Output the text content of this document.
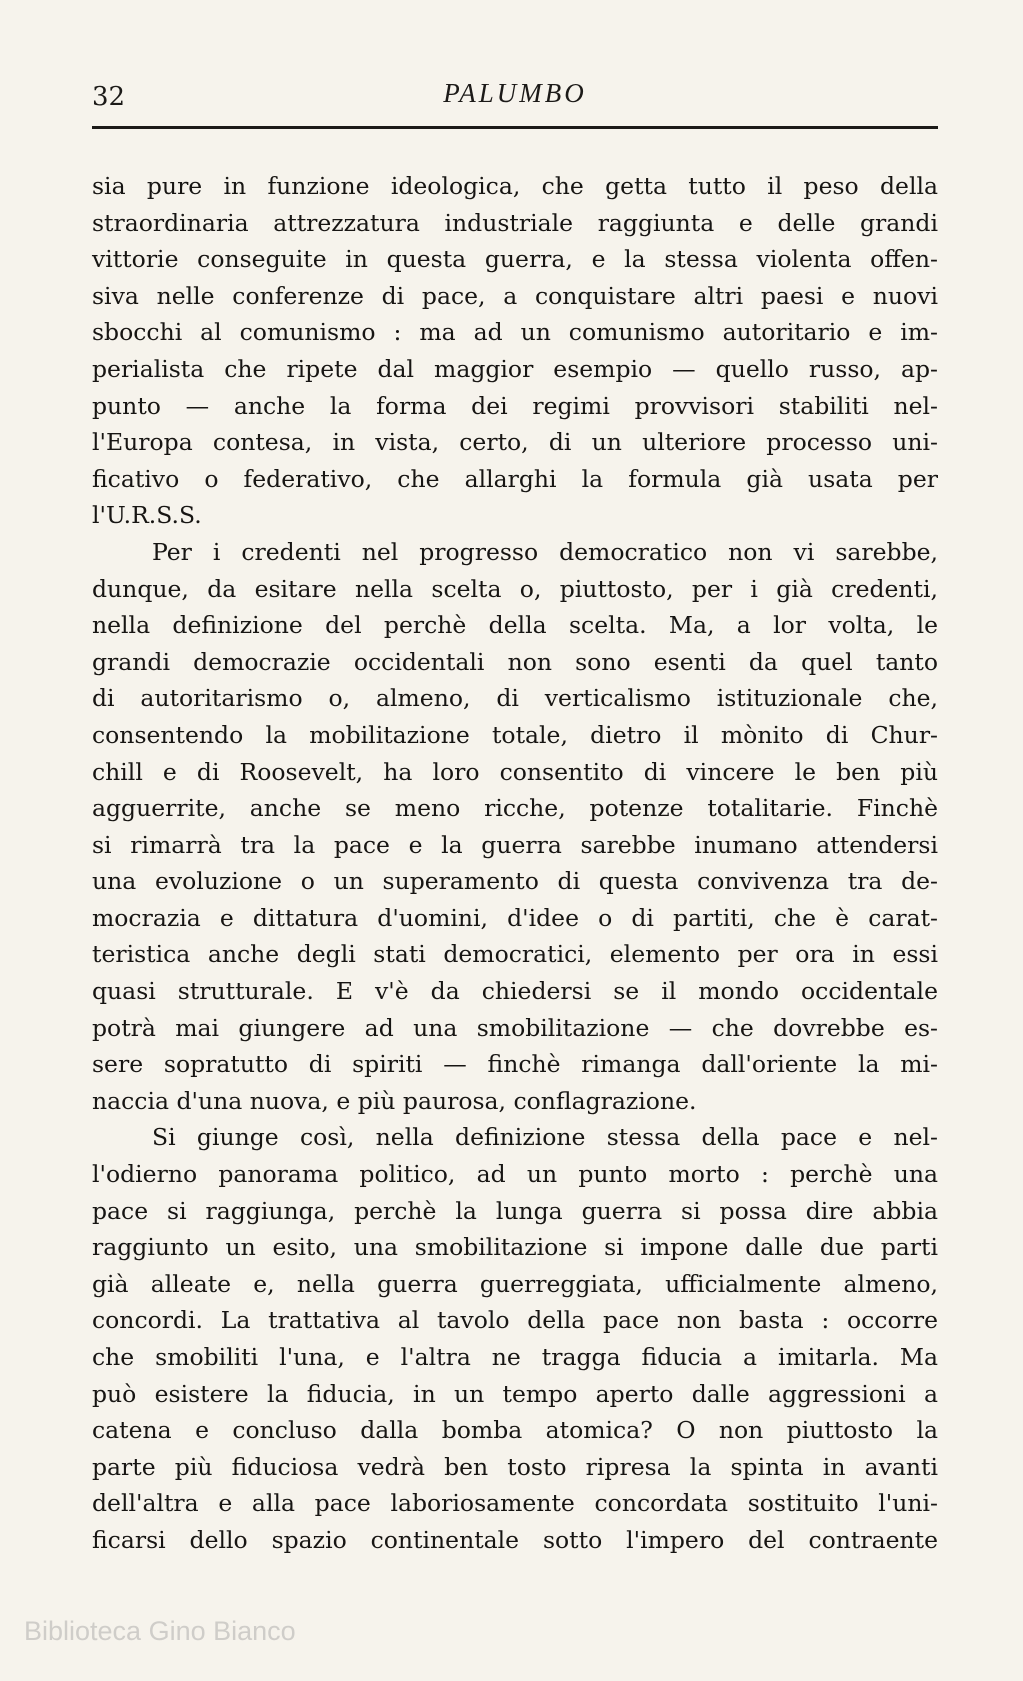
32	PALUMBO
sia pure in funzione ideologica, che getta tutto il peso della
straordinaria attrezzatura industriale raggiunta e delle grandi
vittorie conseguite in questa guerra, e la stessa violenta offen-
siva nelle conferenze di pace, a conquistare altri paesi e nuovi
sbocchi al comunismo : ma ad un comunismo autoritario e im-
perialista che ripete dal maggior esempio — quello russo, ap-
punto — anche la forma dei regimi provvisori stabiliti nel-
l'Europa contesa, in vista, certo, di un ulteriore processo uni-
ficativo o federativo, che allarghi la formula già usata per
l'U.R.S.S.
Per i credenti nel progresso democratico non vi sarebbe,
dunque, da esitare nella scelta o, piuttosto, per i già credenti,
nella definizione del perchè della scelta. Ma, a lor volta, le
grandi democrazie occidentali non sono esenti da quel tanto
di autoritarismo o, almeno, di verticalismo istituzionale che,
consentendo la mobilitazione totale, dietro il mònito di Chur-
chill e di Roosevelt, ha loro consentito di vincere le ben più
agguerrite, anche se meno ricche, potenze totalitarie. Finchè
si rimarrà tra la pace e la guerra sarebbe inumano attendersi
una evoluzione o un superamento di questa convivenza tra de-
mocrazia e dittatura d'uomini, d'idee o di partiti, che è carat-
teristica anche degli stati democratici, elemento per ora in essi
quasi strutturale. E v'è da chiedersi se il mondo occidentale
potrà mai giungere ad una smobilitazione — che dovrebbe es-
sere sopratutto di spiriti — finchè rimanga dall'oriente la mi-
naccia d'una nuova, e più paurosa, conflagrazione.
Si giunge così, nella definizione stessa della pace e nel-
l'odierno panorama politico, ad un punto morto : perchè una
pace si raggiunga, perchè la lunga guerra si possa dire abbia
raggiunto un esito, una smobilitazione si impone dalle due parti
già alleate e, nella guerra guerreggiata, ufficialmente almeno,
concordi. La trattativa al tavolo della pace non basta : occorre
che smobiliti l'una, e l'altra ne tragga fiducia a imitarla. Ma
può esistere la fiducia, in un tempo aperto dalle aggressioni a
catena e concluso dalla bomba atomica? O non piuttosto la
parte più fiduciosa vedrà ben tosto ripresa la spinta in avanti
dell'altra e alla pace laboriosamente concordata sostituito l'uni-
ficarsi dello spazio continentale sotto l'impero del contraente
Biblioteca Gino Bianco
